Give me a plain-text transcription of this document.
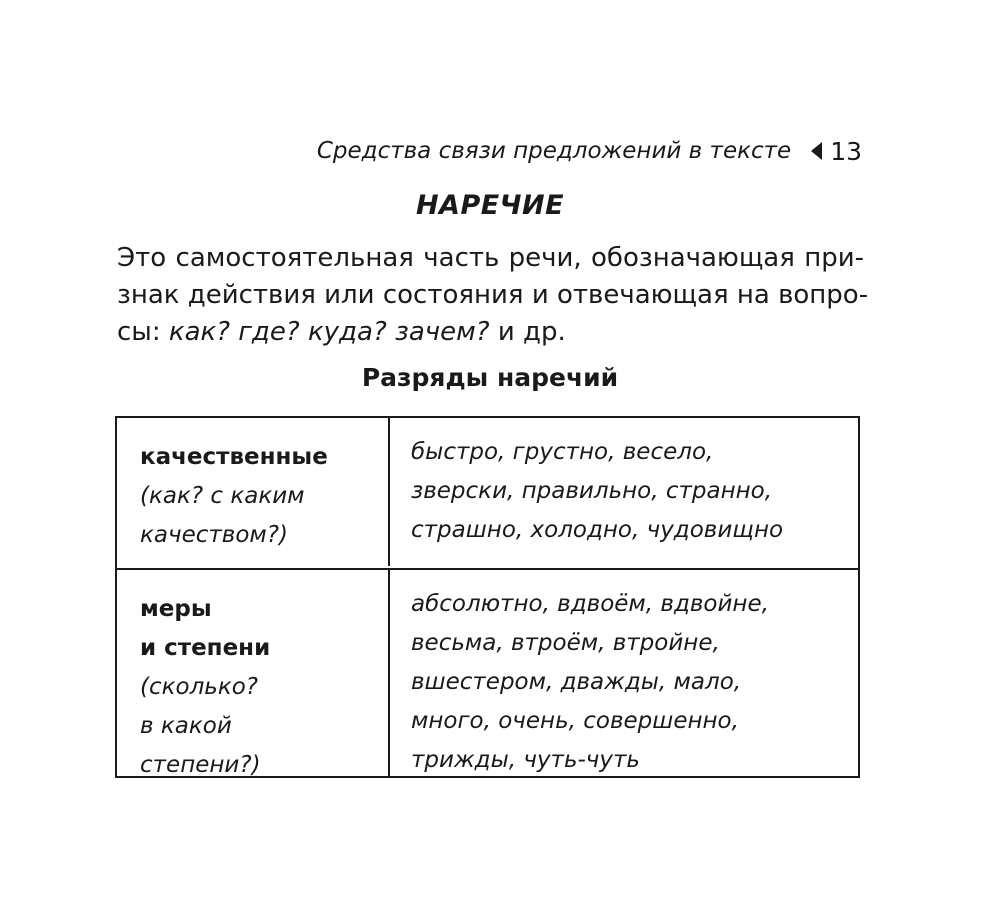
Средства связи предложений в тексте 13
НАРЕЧИЕ
Это самостоятельная часть речи, обозначающая при-
знак действия или состояния и отвечающая на вопро-
сы: как? где? куда? зачем? и др.
Разряды наречий
качественные
(как? с каким
качеством?)
быстро, грустно, весело,
зверски, правильно, странно,
страшно, холодно, чудовищно
меры
и степени
(сколько?
в какой
степени?)
абсолютно, вдвоём, вдвойне,
весьма, втроём, втройне,
вшестером, дважды, мало,
много, очень, совершенно,
трижды, чуть-чуть
